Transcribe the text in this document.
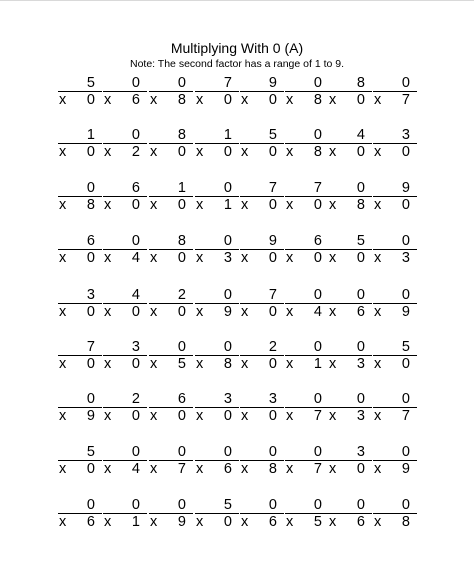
Multiplying With 0 (A)
Note: The second factor has a range of 1 to 9.
5
x 0
0
x 6
0
x 8
7
x 0
9
x 0
0
x 8
8
x 0
0
x 7
1
x 0
0
x 2
8
x 0
1
x 0
5
x 0
0
x 8
4
x 0
3
x 0
0
x 8
6
x 0
1
x 0
0
x 1
7
x 0
7
x 0
0
x 8
9
x 0
6
x 0
0
x 4
8
x 0
0
x 3
9
x 0
6
x 0
5
x 0
0
x 3
3
x 0
4
x 0
2
x 0
0
x 9
7
x 0
0
x 4
0
x 6
0
x 9
7
x 0
3
x 0
0
x 5
0
x 8
2
x 0
0
x 1
0
x 3
5
x 0
0
x 9
2
x 0
6
x 0
3
x 0
3
x 0
0
x 7
0
x 3
0
x 7
5
x 0
0
x 4
0
x 7
0
x 6
0
x 8
0
x 7
3
x 0
0
x 9
0
x 6
0
x 1
0
x 9
5
x 0
0
x 6
0
x 5
0
x 6
0
x 8
